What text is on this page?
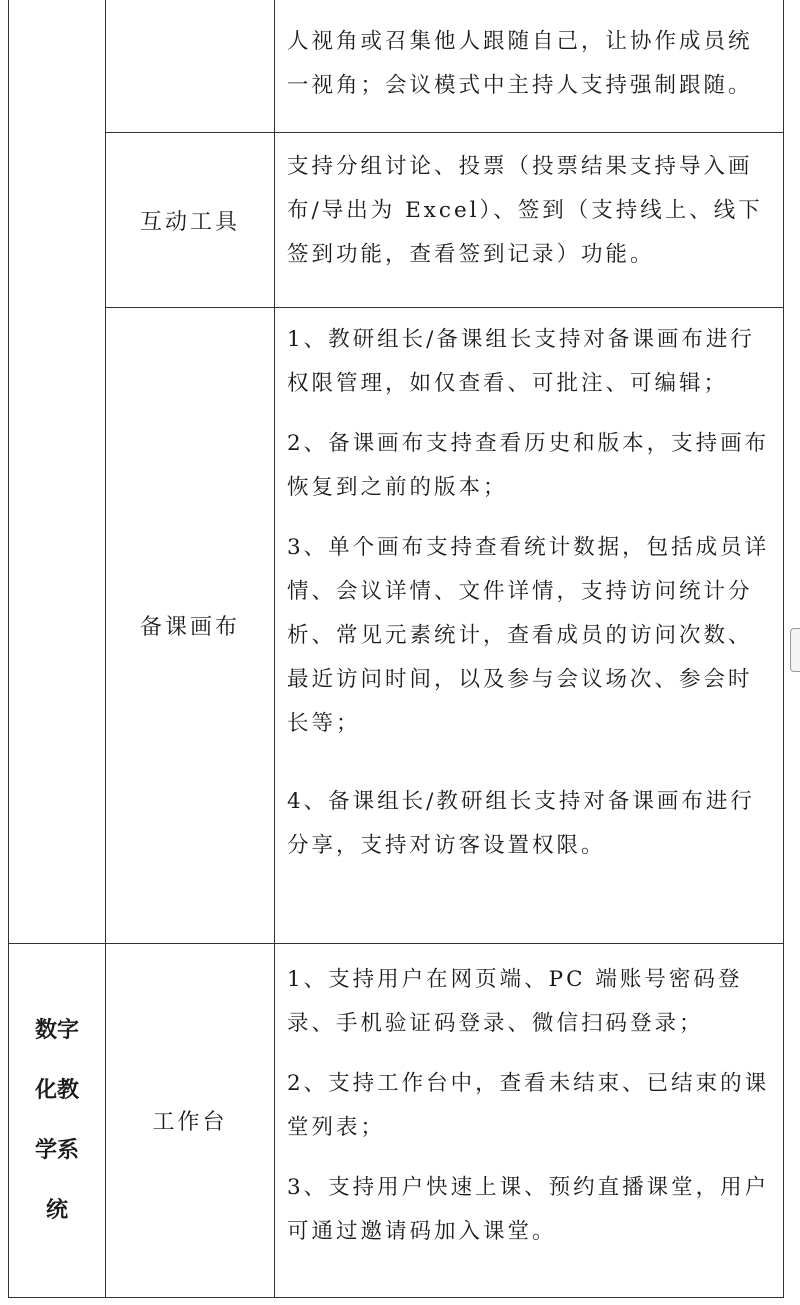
人视角或召集他人跟随自己，让协作成员统一视角；会议模式中主持人支持强制跟随。

互动工具

支持分组讨论、投票（投票结果支持导入画布/导出为 Excel）、签到（支持线上、线下签到功能，查看签到记录）功能。

备课画布

1、教研组长/备课组长支持对备课画布进行权限管理，如仅查看、可批注、可编辑；

2、备课画布支持查看历史和版本，支持画布恢复到之前的版本；

3、单个画布支持查看统计数据，包括成员详情、会议详情、文件详情，支持访问统计分析、常见元素统计，查看成员的访问次数、最近访问时间，以及参与会议场次、参会时长等；

4、备课组长/教研组长支持对备课画布进行分享，支持对访客设置权限。

数字化教学系统
工作台

1、支持用户在网页端、PC 端账号密码登录、手机验证码登录、微信扫码登录；

2、支持工作台中，查看未结束、已结束的课堂列表；

3、支持用户快速上课、预约直播课堂，用户可通过邀请码加入课堂。
